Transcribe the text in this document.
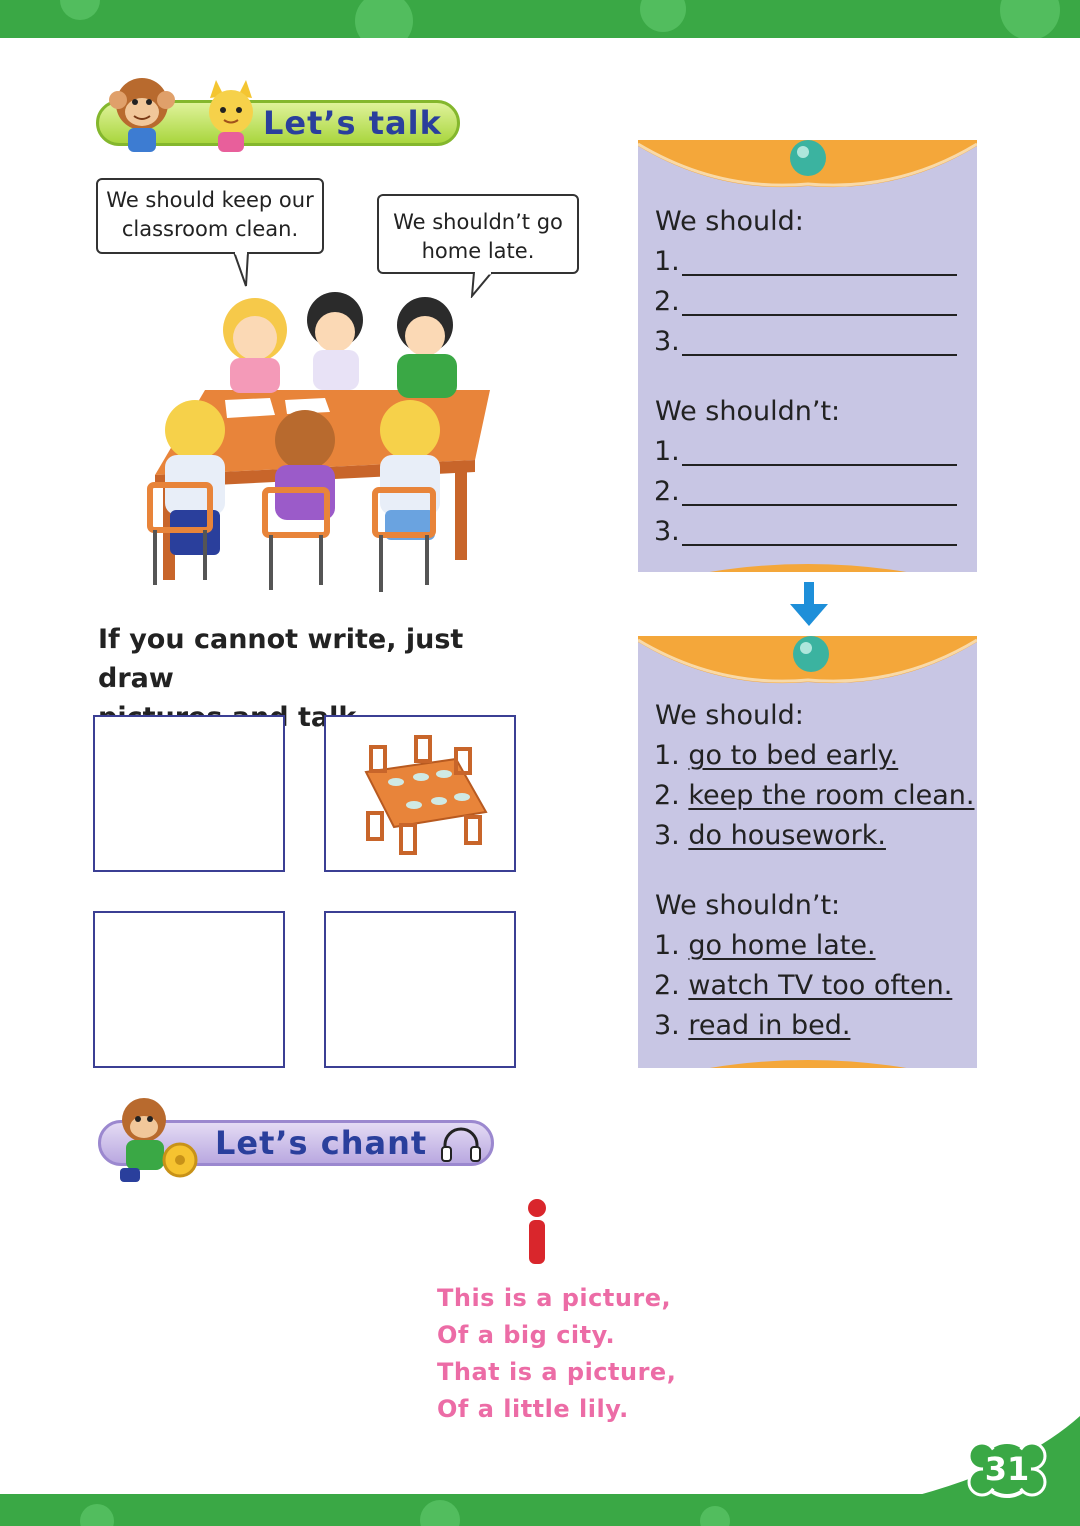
Let’s talk
We should keep our
classroom clean.	We shouldn’t go
home late.
If you cannot write, just draw
We should:
1.
2.
3.
We shouldn’t:
1.
2.
3.
We should:
1. go to bed early.
2. keep the room clean.
3. do housework.
We shouldn’t:
1. go home late.
2. watch TV too often.
3. read in bed.
Let’s chant
This is a picture,
Of a big city.
That is a picture,
Of a little lily.
31
